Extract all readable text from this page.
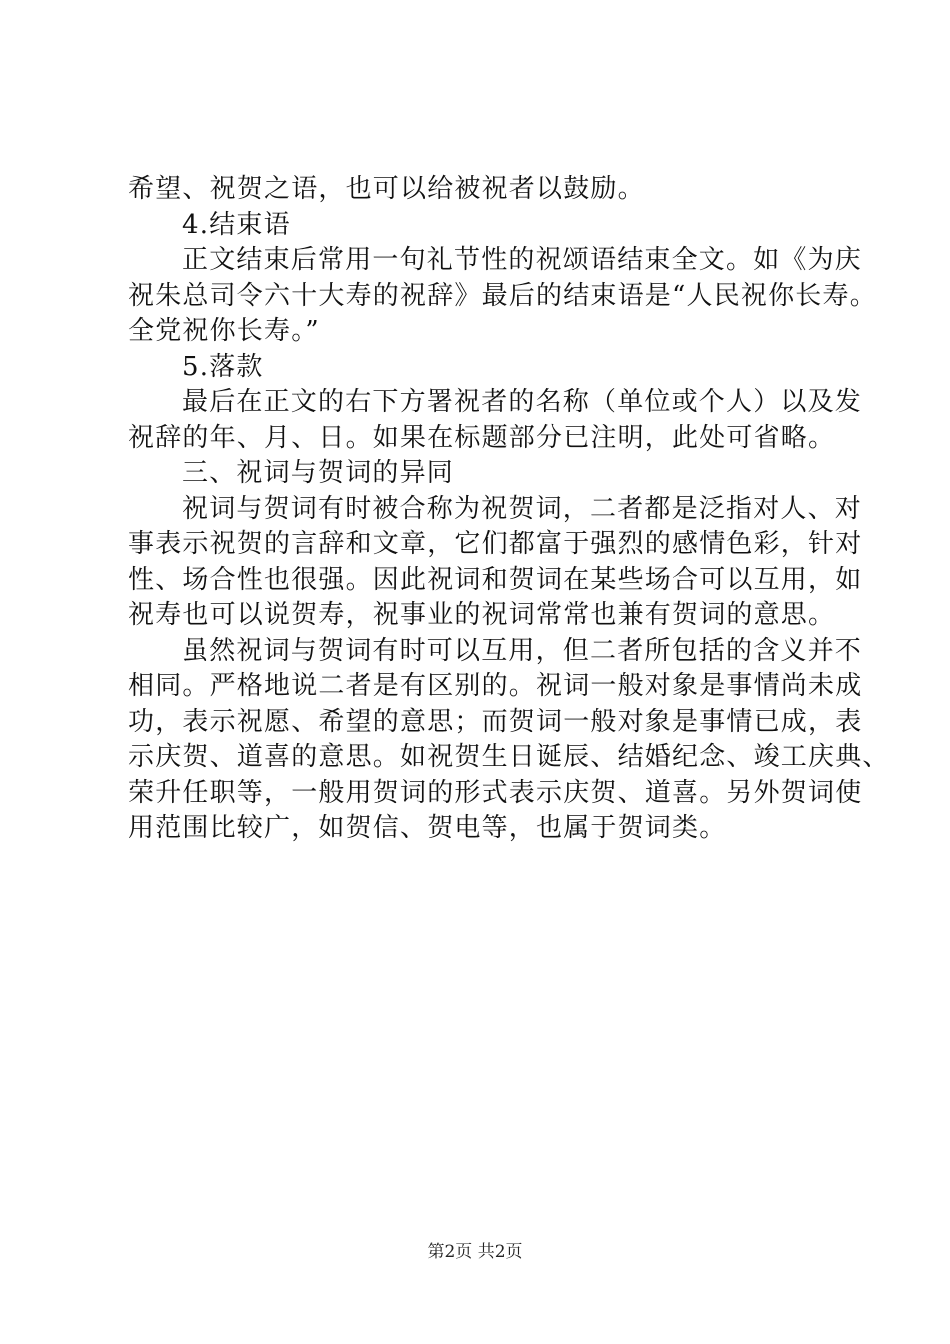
希望、祝贺之语，也可以给被祝者以鼓励。
4.结束语
正文结束后常用一句礼节性的祝颂语结束全文。如《为庆
祝朱总司令六十大寿的祝辞》最后的结束语是“人民祝你长寿。
全党祝你长寿。”
5.落款
最后在正文的右下方署祝者的名称（单位或个人）以及发
祝辞的年、月、日。如果在标题部分已注明，此处可省略。
三、祝词与贺词的异同
祝词与贺词有时被合称为祝贺词，二者都是泛指对人、对
事表示祝贺的言辞和文章，它们都富于强烈的感情色彩，针对
性、场合性也很强。因此祝词和贺词在某些场合可以互用，如
祝寿也可以说贺寿，祝事业的祝词常常也兼有贺词的意思。
虽然祝词与贺词有时可以互用，但二者所包括的含义并不
相同。严格地说二者是有区别的。祝词一般对象是事情尚未成
功，表示祝愿、希望的意思；而贺词一般对象是事情已成，表
示庆贺、道喜的意思。如祝贺生日诞辰、结婚纪念、竣工庆典、
荣升任职等，一般用贺词的形式表示庆贺、道喜。另外贺词使
用范围比较广，如贺信、贺电等，也属于贺词类。
第2页 共2页
